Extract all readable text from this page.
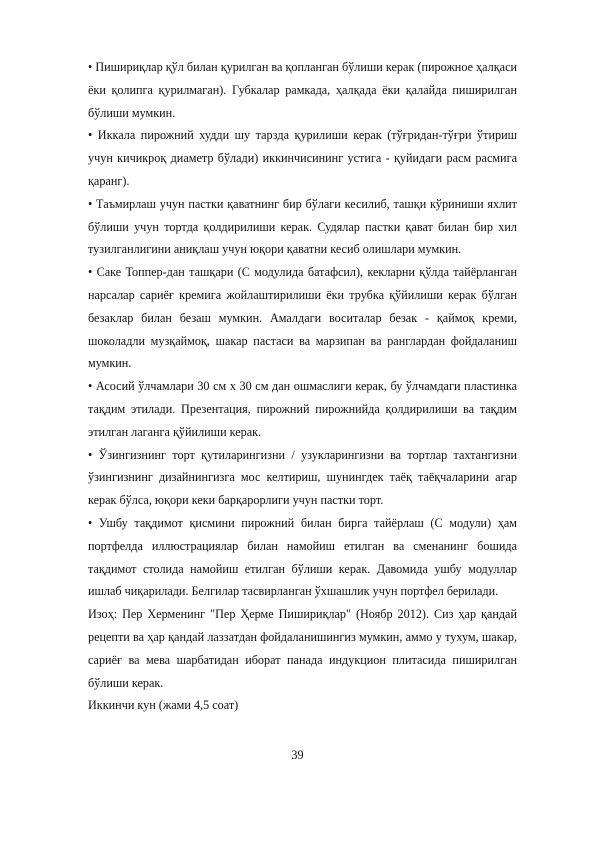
• Пишириқлар қўл билан қурилган ва қопланган бўлиши керак (пирожное ҳалқаси ёки қолипга қурилмаган). Губкалар рамкада, ҳалқада ёки қалайда пиширилган бўлиши мумкин.

• Иккала пирожний худди шу тарзда қурилиши керак (тўғридан-тўғри ўтириш учун кичикроқ диаметр бўлади) иккинчисининг устига - қуйидаги расм расмига қаранг).

• Таъмирлаш учун пастки қаватнинг бир бўлаги кесилиб, ташқи кўриниши яхлит бўлиши учун тортда қолдирилиши керак. Судялар пастки қават билан бир хил тузилганлигини аниқлаш учун юқори қаватни кесиб олишлари мумкин.

• Саке Топпер-дан ташқари (С модулида батафсил), кекларни қўлда тайёрланган нарсалар сариёғ кремига жойлаштирилиши ёки трубка қўйилиши керак бўлган безаклар билан безаш мумкин. Амалдаги воситалар безак - қаймоқ креми, шоколадли музқаймоқ, шакар пастаси ва марзипан ва ранглардан фойдаланиш мумкин.

• Асосий ўлчамлари 30 см х 30 см дан ошмаслиги керак, бу ўлчамдаги пластинка тақдим этилади. Презентация, пирожний пирожнийда қолдирилиши ва тақдим этилган лаганга қўйилиши керак.

• Ўзингизнинг торт қутиларингизни / узукларингизни ва тортлар тахтангизни ўзингизнинг дизайнингизга мос келтириш, шунингдек таёқ таёқчаларини агар керак бўлса, юқори кеки барқарорлиги учун пастки торт.

• Ушбу тақдимот қисмини пирожний билан бирга тайёрлаш (С модули) ҳам портфелда иллюстрациялар билан намойиш етилган ва сменанинг бошида тақдимот столида намойиш етилган бўлиши керак. Давомида ушбу модуллар ишлаб чиқарилади. Белгилар тасвирланган ўхшашлик учун портфел берилади.

Изоҳ: Пер Херменинг "Пер Ҳерме Пишириқлар" (Ноябр 2012). Сиз ҳар қандай рецепти ва ҳар қандай лаззатдан фойдаланишингиз мумкин, аммо у тухум, шакар, сариёғ ва мева шарбатидан иборат панада индукцион плитасида пиширилган бўлиши керак.

Иккинчи кун (жами 4,5 соат)

39
